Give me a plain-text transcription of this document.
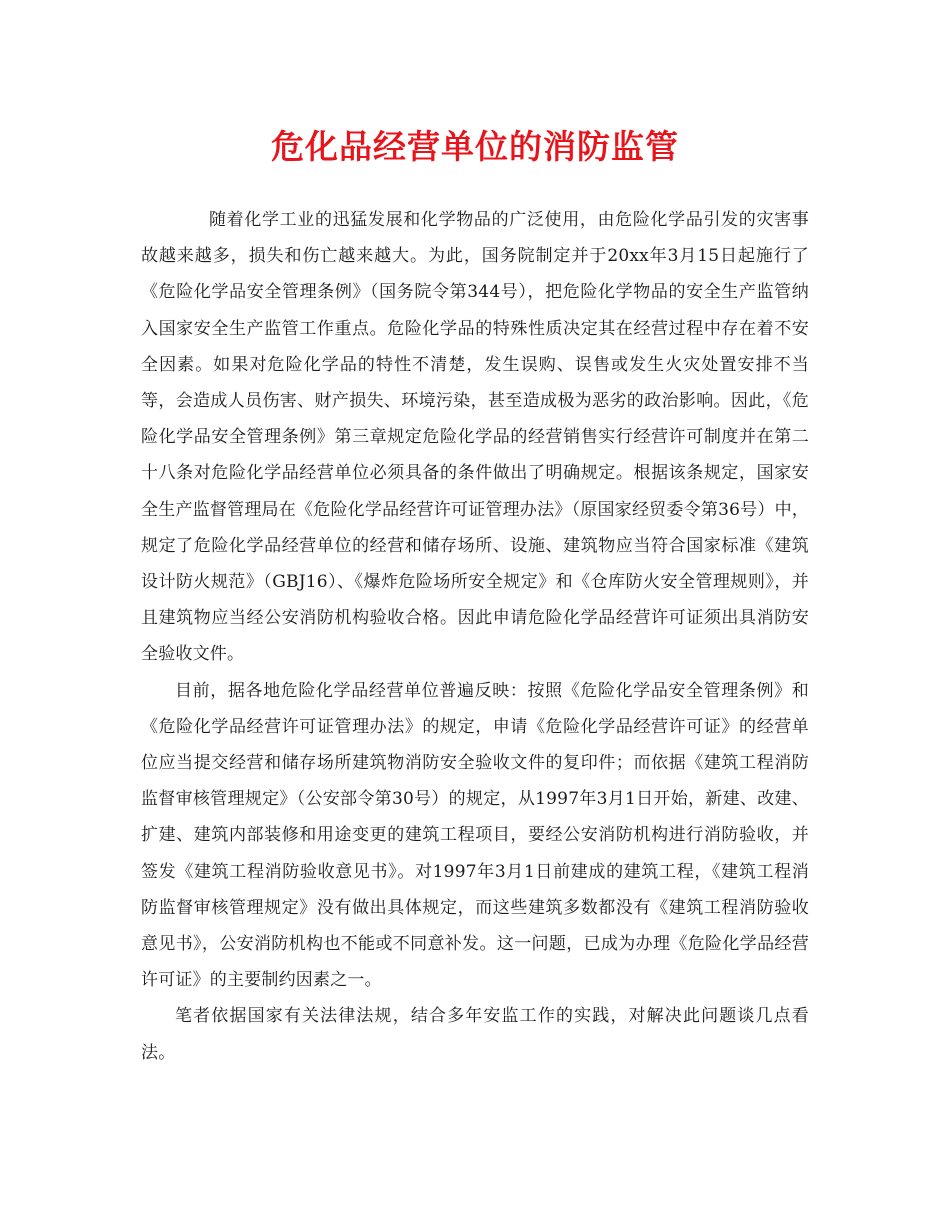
危化品经营单位的消防监管

随着化学工业的迅猛发展和化学物品的广泛使用，由危险化学品引发的灾害事故越来越多，损失和伤亡越来越大。为此，国务院制定并于20xx年3月15日起施行了《危险化学品安全管理条例》（国务院令第344号），把危险化学物品的安全生产监管纳入国家安全生产监管工作重点。危险化学品的特殊性质决定其在经营过程中存在着不安全因素。如果对危险化学品的特性不清楚，发生误购、误售或发生火灾处置安排不当等，会造成人员伤害、财产损失、环境污染，甚至造成极为恶劣的政治影响。因此，《危险化学品安全管理条例》第三章规定危险化学品的经营销售实行经营许可制度并在第二十八条对危险化学品经营单位必须具备的条件做出了明确规定。根据该条规定，国家安全生产监督管理局在《危险化学品经营许可证管理办法》（原国家经贸委令第36号）中，规定了危险化学品经营单位的经营和储存场所、设施、建筑物应当符合国家标准《建筑设计防火规范》（GBJ16）、《爆炸危险场所安全规定》和《仓库防火安全管理规则》，并且建筑物应当经公安消防机构验收合格。因此申请危险化学品经营许可证须出具消防安全验收文件。

目前，据各地危险化学品经营单位普遍反映：按照《危险化学品安全管理条例》和《危险化学品经营许可证管理办法》的规定，申请《危险化学品经营许可证》的经营单位应当提交经营和储存场所建筑物消防安全验收文件的复印件；而依据《建筑工程消防监督审核管理规定》（公安部令第30号）的规定，从1997年3月1日开始，新建、改建、扩建、建筑内部装修和用途变更的建筑工程项目，要经公安消防机构进行消防验收，并签发《建筑工程消防验收意见书》。对1997年3月1日前建成的建筑工程，《建筑工程消防监督审核管理规定》没有做出具体规定，而这些建筑多数都没有《建筑工程消防验收意见书》，公安消防机构也不能或不同意补发。这一问题，已成为办理《危险化学品经营许可证》的主要制约因素之一。

笔者依据国家有关法律法规，结合多年安监工作的实践，对解决此问题谈几点看法。
